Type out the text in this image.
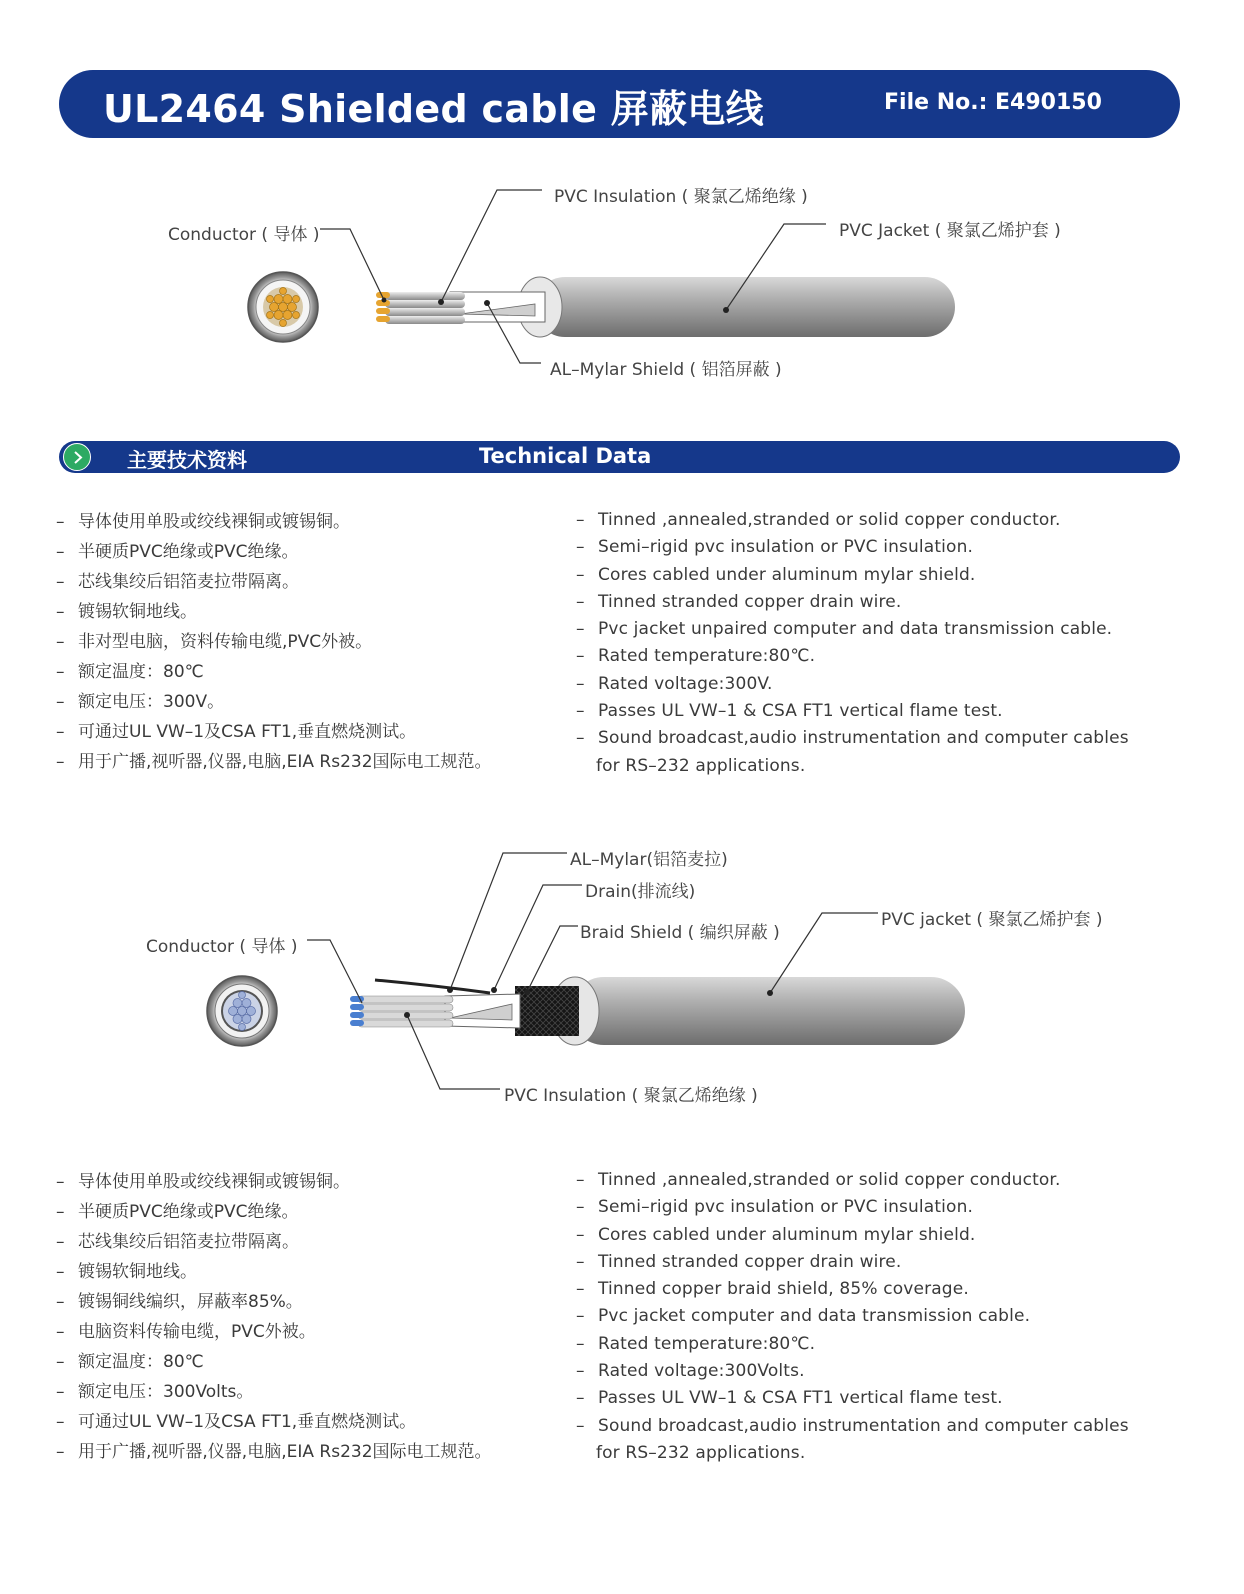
UL2464 Shielded cable 屏蔽电线	File No.: E490150
PVC Insulation ( 聚氯乙烯绝缘 )
PVC Jacket ( 聚氯乙烯护套 )
Conductor ( 导体 )
AL–Mylar Shield ( 铝箔屏蔽 )
主要技术资料	Technical Data
– 导体使用单股或绞线裸铜或镀锡铜。
– 半硬质PVC绝缘或PVC绝缘。
– 芯线集绞后铝箔麦拉带隔离。
– 镀锡软铜地线。
– 非对型电脑，资料传输电缆,PVC外被。
– 额定温度：80℃
– 额定电压：300V。
– 可通过UL VW–1及CSA FT1,垂直燃烧测试。
– 用于广播,视听器,仪器,电脑,EIA Rs232国际电工规范。
– Tinned ,annealed,stranded or solid copper conductor.
– Semi–rigid pvc insulation or PVC insulation.
– Cores cabled under aluminum mylar shield.
– Tinned stranded copper drain wire.
– Pvc jacket unpaired computer and data transmission cable.
– Rated temperature:80℃.
– Rated voltage:300V.
– Passes UL VW–1 & CSA FT1 vertical flame test.
– Sound broadcast,audio instrumentation and computer cables
for RS–232 applications.
AL–Mylar(铝箔麦拉)
Drain(排流线)
Braid Shield ( 编织屏蔽 )
PVC jacket ( 聚氯乙烯护套 )
Conductor ( 导体 )
PVC Insulation ( 聚氯乙烯绝缘 )
– 导体使用单股或绞线裸铜或镀锡铜。
– 半硬质PVC绝缘或PVC绝缘。
– 芯线集绞后铝箔麦拉带隔离。
– 镀锡软铜地线。
– 镀锡铜线编织，屏蔽率85%。
– 电脑资料传输电缆，PVC外被。
– 额定温度：80℃
– 额定电压：300Volts。
– 可通过UL VW–1及CSA FT1,垂直燃烧测试。
– 用于广播,视听器,仪器,电脑,EIA Rs232国际电工规范。
– Tinned ,annealed,stranded or solid copper conductor.
– Semi–rigid pvc insulation or PVC insulation.
– Cores cabled under aluminum mylar shield.
– Tinned stranded copper drain wire.
– Tinned copper braid shield, 85% coverage.
– Pvc jacket computer and data transmission cable.
– Rated temperature:80℃.
– Rated voltage:300Volts.
– Passes UL VW–1 & CSA FT1 vertical flame test.
– Sound broadcast,audio instrumentation and computer cables
for RS–232 applications.
